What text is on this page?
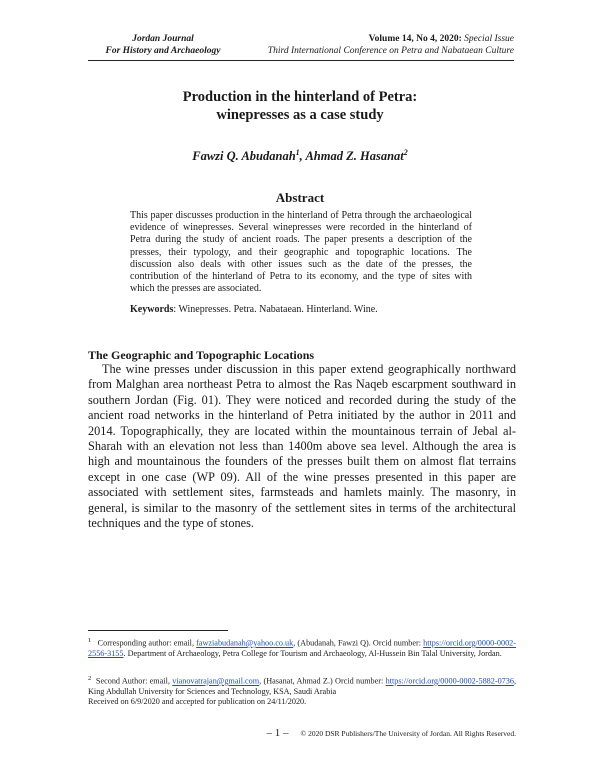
Jordan Journal
For History and Archaeology
Volume 14, No 4, 2020: Special Issue
Third International Conference on Petra and Nabataean Culture
Production in the hinterland of Petra:
winepresses as a case study
Fawzi Q. Abudanah$^1$, Ahmad Z. Hasanat$^2$
Abstract
This paper discusses production in the hinterland of Petra through the archaeological evidence of winepresses. Several winepresses were recorded in the hinterland of Petra during the study of ancient roads. The paper presents a description of the presses, their typology, and their geographic and topographic locations. The discussion also deals with other issues such as the date of the presses, the contribution of the hinterland of Petra to its economy, and the type of sites with which the presses are associated.
Keywords: Winepresses. Petra. Nabataean. Hinterland. Wine.
The Geographic and Topographic Locations
The wine presses under discussion in this paper extend geographically northward from Malghan area northeast Petra to almost the Ras Naqeb escarpment southward in southern Jordan (Fig. 01). They were noticed and recorded during the study of the ancient road networks in the hinterland of Petra initiated by the author in 2011 and 2014. Topographically, they are located within the mountainous terrain of Jebal al-Sharah with an elevation not less than 1400m above sea level. Although the area is high and mountainous the founders of the presses built them on almost flat terrains except in one case (WP 09). All of the wine presses presented in this paper are associated with settlement sites, farmsteads and hamlets mainly. The masonry, in general, is similar to the masonry of the settlement sites in terms of the architectural techniques and the type of stones.
$^1$ Corresponding author: email, fawziabudanah@yahoo.co.uk, (Abudanah, Fawzi Q). Orcid number: https://orcid.org/0000-0002-2556-3155. Department of Archaeology, Petra College for Tourism and Archaeology, Al-Hussein Bin Talal University, Jordan.
$^2$ Second Author: email, vianovatrajan@gmail.com, (Hasanat, Ahmad Z.) Orcid number: https://orcid.org/0000-0002-5882-0736, King Abdullah University for Sciences and Technology, KSA, Saudi Arabia
Received on 6/9/2020 and accepted for publication on 24/11/2020.
– 1 – © 2020 DSR Publishers/The University of Jordan. All Rights Reserved.
